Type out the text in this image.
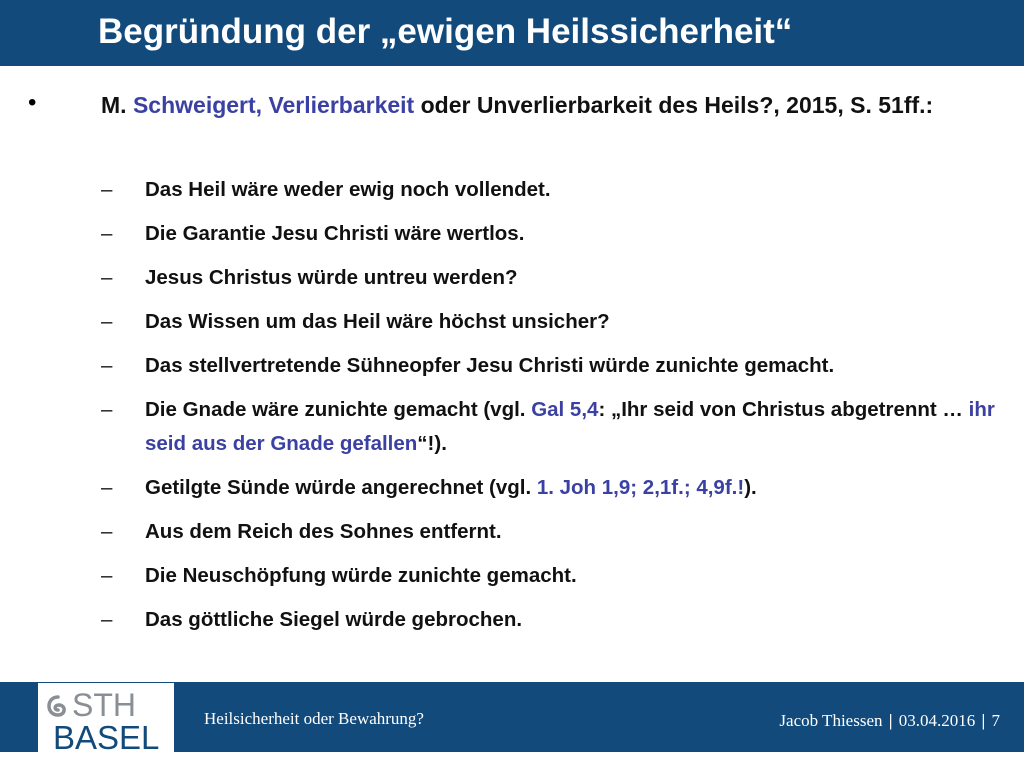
Begründung der „ewigen Heilssicherheit“
•	M. Schweigert, Verlierbarkeit oder Unverlierbarkeit des Heils?, 2015, S. 51ff.:

– Das Heil wäre weder ewig noch vollendet.
– Die Garantie Jesu Christi wäre wertlos.
– Jesus Christus würde untreu werden?
– Das Wissen um das Heil wäre höchst unsicher?
– Das stellvertretende Sühneopfer Jesu Christi würde zunichte gemacht.
– Die Gnade wäre zunichte gemacht (vgl. Gal 5,4: „Ihr seid von Christus abgetrennt … ihr seid aus der Gnade gefallen“!).
– Getilgte Sünde würde angerechnet (vgl. 1. Joh 1,9; 2,1f.; 4,9f.!).
– Aus dem Reich des Sohnes entfernt.
– Die Neuschöpfung würde zunichte gemacht.
– Das göttliche Siegel würde gebrochen.
STH
BASEL
Heilsicherheit oder Bewahrung?	Jacob Thiessen | 03.04.2016 | 7
